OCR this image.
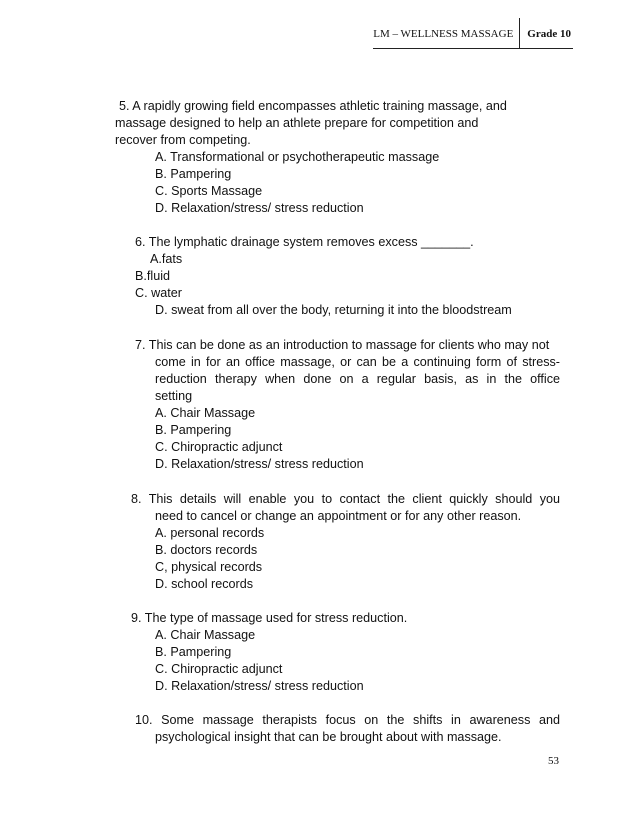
LM – WELLNESS MASSAGE	Grade 10
5. A rapidly growing field encompasses athletic training massage, and
massage designed to help an athlete prepare for competition and
recover from competing.
A. Transformational or psychotherapeutic massage
B. Pampering
C. Sports Massage
D. Relaxation/stress/ stress reduction
6. The lymphatic drainage system removes excess _______.
A.fats
B.fluid
C. water
D. sweat from all over the body, returning it into the bloodstream
7. This can be done as an introduction to massage for clients who may not
come in for an office massage, or can be a continuing form of stress-
reduction therapy when done on a regular basis, as in the office
setting
A. Chair Massage
B. Pampering
C. Chiropractic adjunct
D. Relaxation/stress/ stress reduction
8. This details will enable you to contact the client quickly should you
need to cancel or change an appointment or for any other reason.
A. personal records
B. doctors records
C, physical records
D. school records
9. The type of massage used for stress reduction.
A. Chair Massage
B. Pampering
C. Chiropractic adjunct
D. Relaxation/stress/ stress reduction
10. Some massage therapists focus on the shifts in awareness and
psychological insight that can be brought about with massage.
53
